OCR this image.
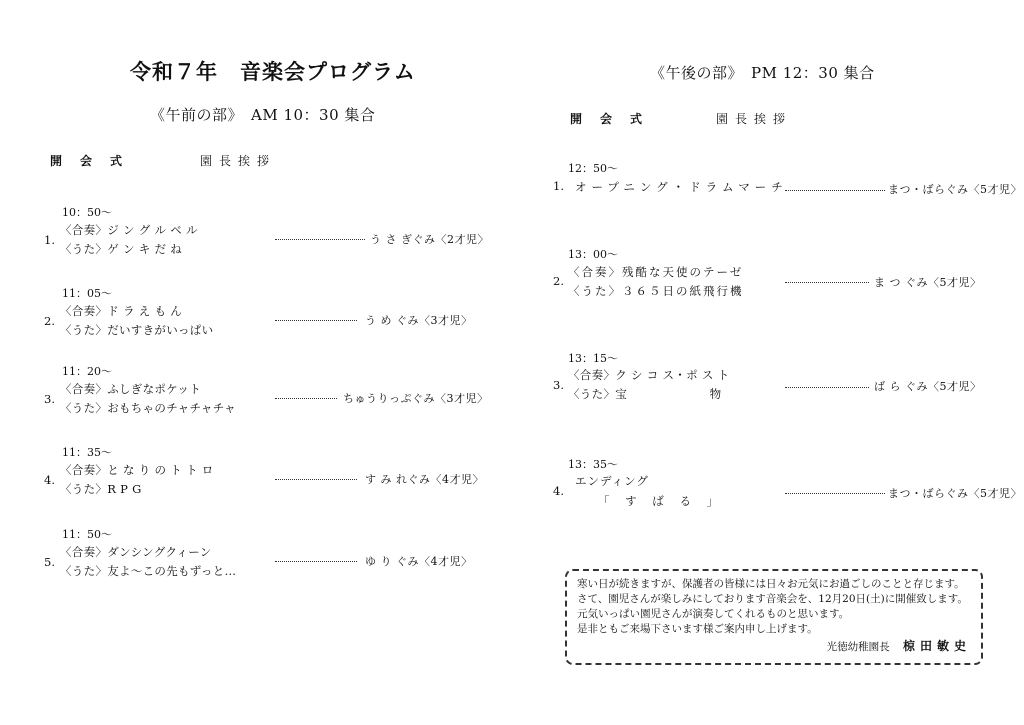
令和７年　音楽会プログラム
《午前の部》　AM 10：30 集合
開会式	園長挨拶
10：50～
1.
〈合奏〉ジ ン グ ル ベ ル
〈うた〉ゲ ン キ だ ね
う さ ぎぐみ〈2才児〉
11：05～
2.
〈合奏〉ド ラ え も ん
〈うた〉だいすきがいっぱい
う め ぐみ〈3才児〉
11：20～
3.
〈合奏〉ふしぎなポケット
〈うた〉おもちゃのチャチャチャ
ちゅうりっぷぐみ〈3才児〉
11：35～
4.
〈合奏〉と な り の ト ト ロ
〈うた〉R P G
す み れぐみ〈4才児〉
11：50～
5.
〈合奏〉ダンシングクィーン
〈うた〉友よ～この先もずっと…
ゆ り ぐみ〈4才児〉
《午後の部》　PM 12：30 集合
開会式	園長挨拶
12：50～
1. オープニング・ドラムマーチ	まつ・ばらぐみ〈5才児〉
13：00～
2.
〈合奏〉残酷な天使のテーゼ
〈うた〉３６５日の紙飛行機
ま つ ぐみ〈5才児〉
13：15～
3.
〈合奏〉ク シ コ ス・ポ ス ト
〈うた〉宝　　　　　　　物
ば ら ぐみ〈5才児〉
13：35～
4.
エンディング
「 す ば る 」
まつ・ばらぐみ〈5才児〉
寒い日が続きますが、保護者の皆様には日々お元気にお過ごしのことと存じます。
さて、園児さんが楽しみにしております音楽会を、12月20日(土)に開催致します。
元気いっぱい園児さんが演奏してくれるものと思います。
是非ともご来場下さいます様ご案内申し上げます。
光徳幼稚園長 椋田敏史
